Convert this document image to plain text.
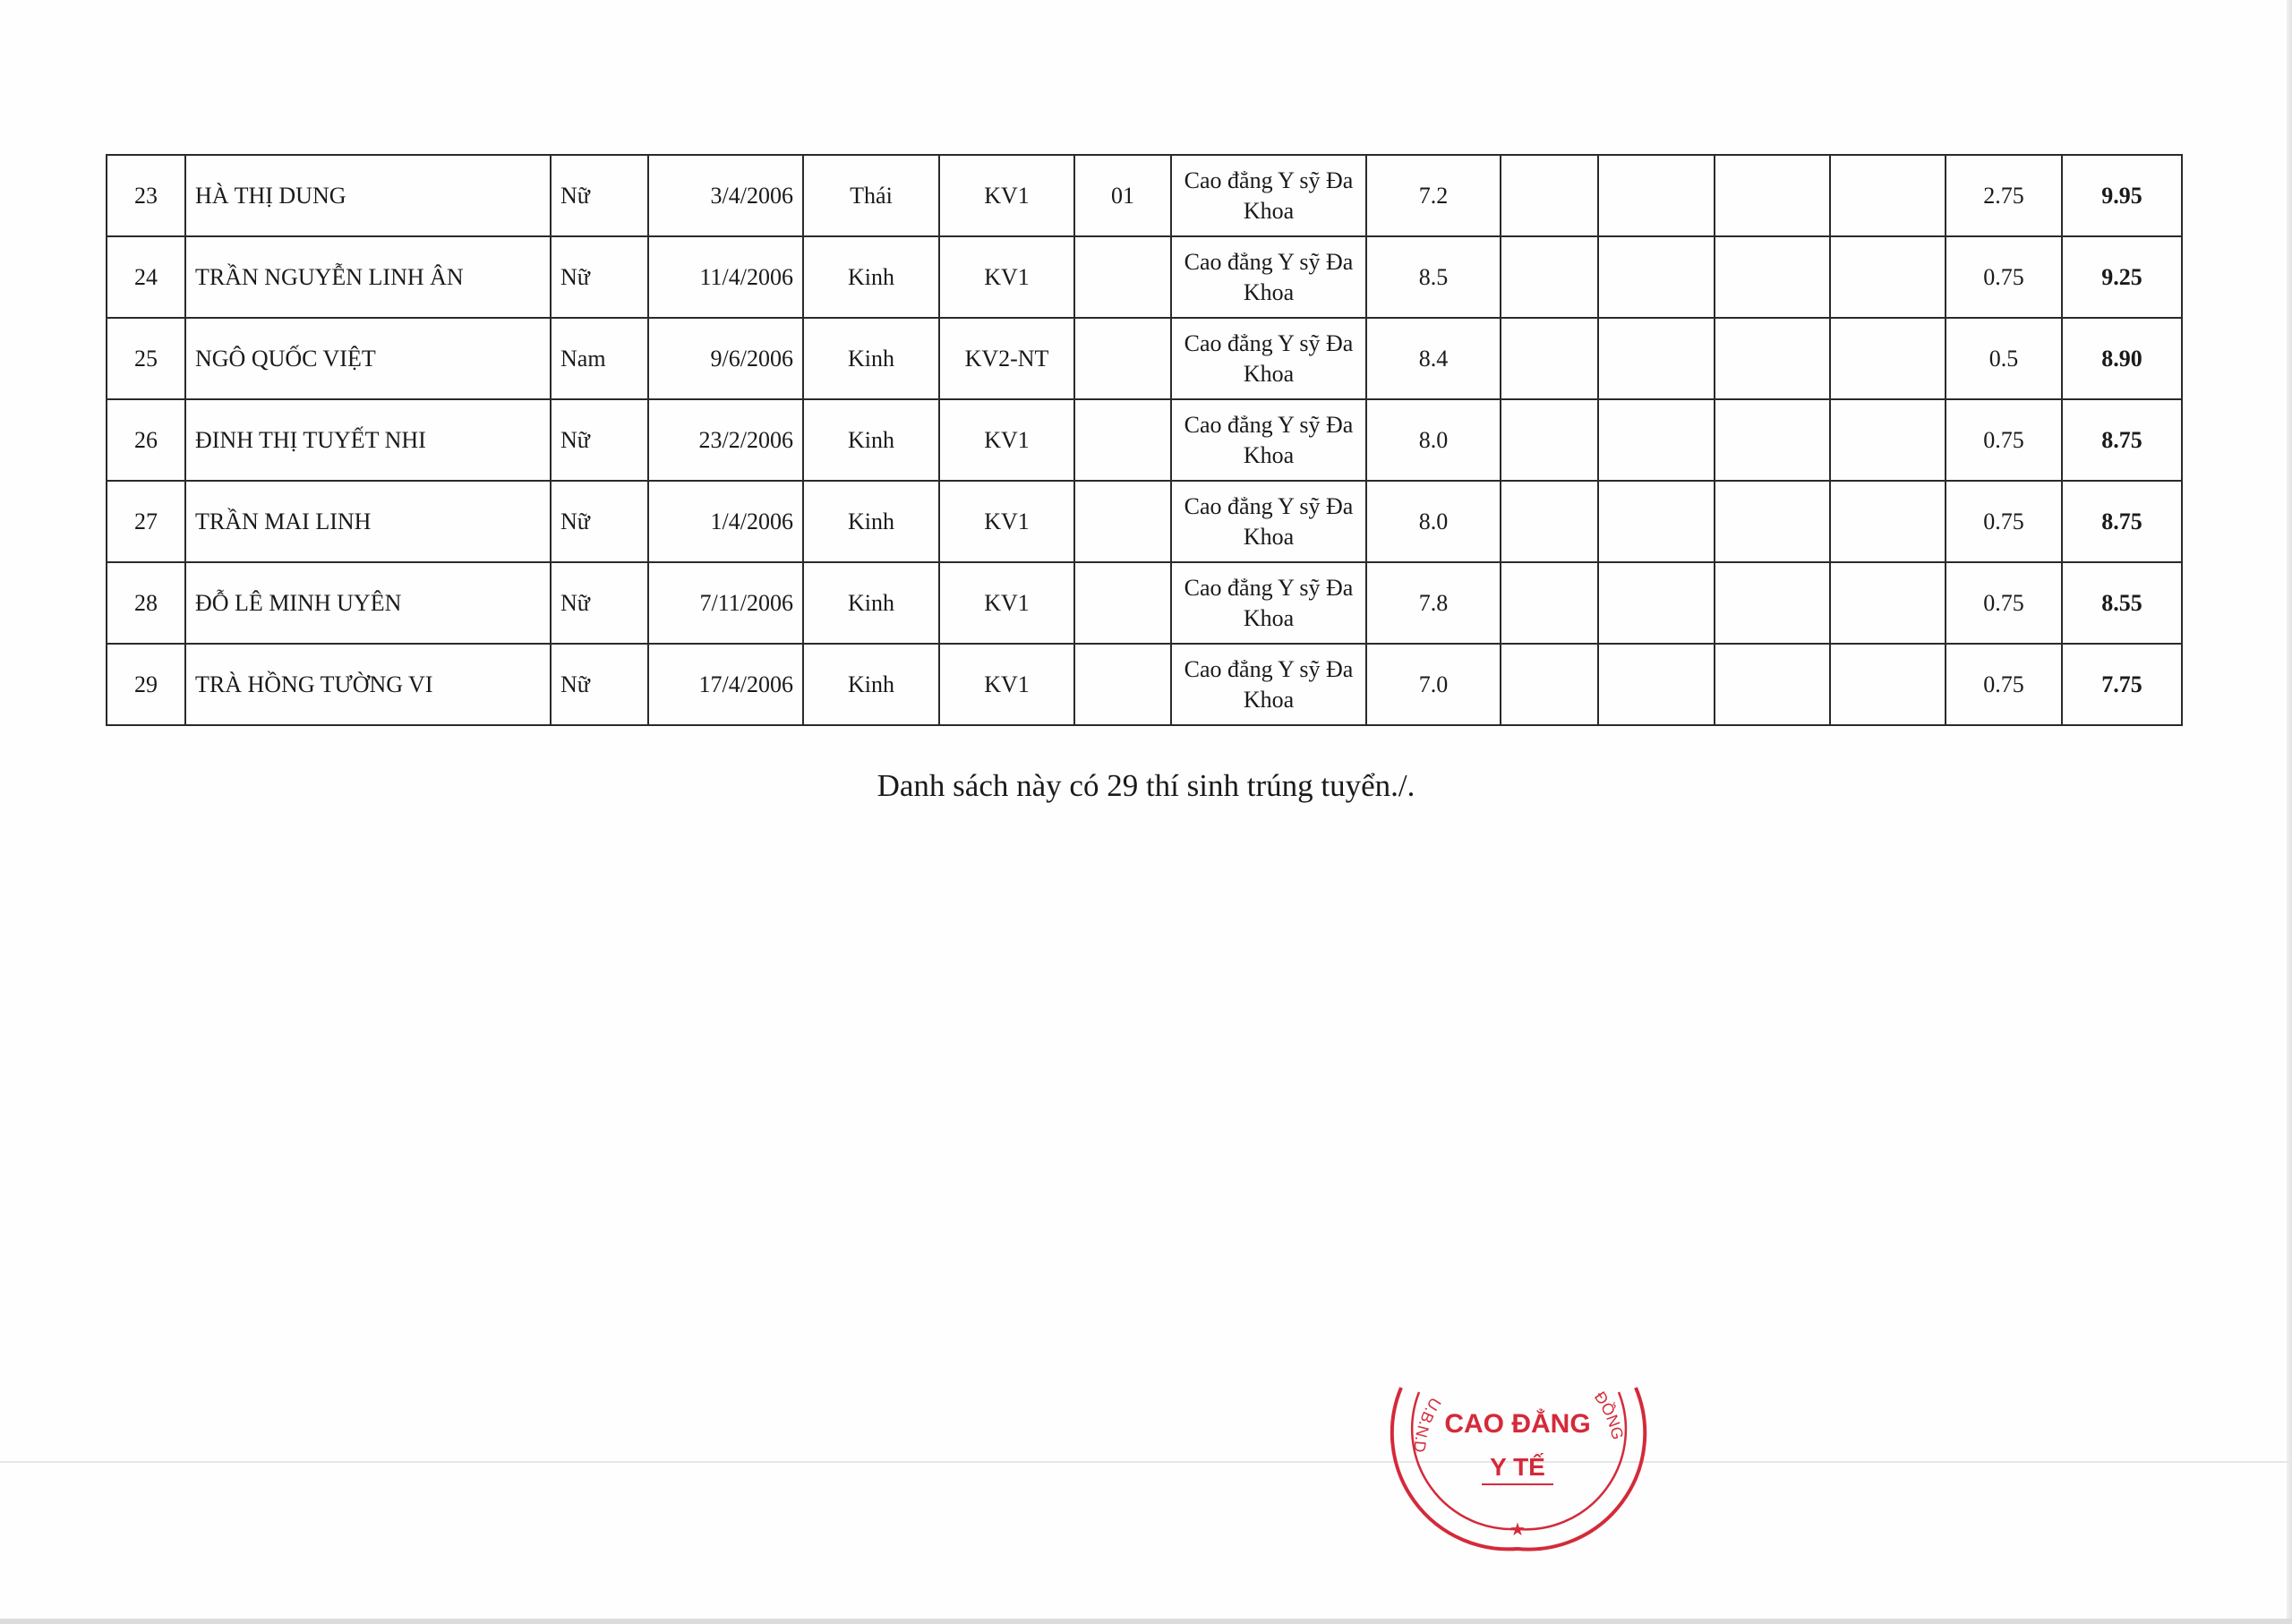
23	HÀ THỊ DUNG	Nữ	3/4/2006	Thái	KV1	01	Cao đẳng Y sỹ Đa Khoa	7.2					2.75	9.95
24	TRẦN NGUYỄN LINH ÂN	Nữ	11/4/2006	Kinh	KV1		Cao đẳng Y sỹ Đa Khoa	8.5					0.75	9.25
25	NGÔ QUỐC VIỆT	Nam	9/6/2006	Kinh	KV2-NT		Cao đẳng Y sỹ Đa Khoa	8.4					0.5	8.90
26	ĐINH THỊ TUYẾT NHI	Nữ	23/2/2006	Kinh	KV1		Cao đẳng Y sỹ Đa Khoa	8.0					0.75	8.75
27	TRẦN MAI LINH	Nữ	1/4/2006	Kinh	KV1		Cao đẳng Y sỹ Đa Khoa	8.0					0.75	8.75
28	ĐỖ LÊ MINH UYÊN	Nữ	7/11/2006	Kinh	KV1		Cao đẳng Y sỹ Đa Khoa	7.8					0.75	8.55
29	TRÀ HỒNG TƯỜNG VI	Nữ	17/4/2006	Kinh	KV1		Cao đẳng Y sỹ Đa Khoa	7.0					0.75	7.75
Danh sách này có 29 thí sinh trúng tuyển./.
CAO ĐẲNG
Y TẾ
U.B.N.D
ĐỒNG
★
